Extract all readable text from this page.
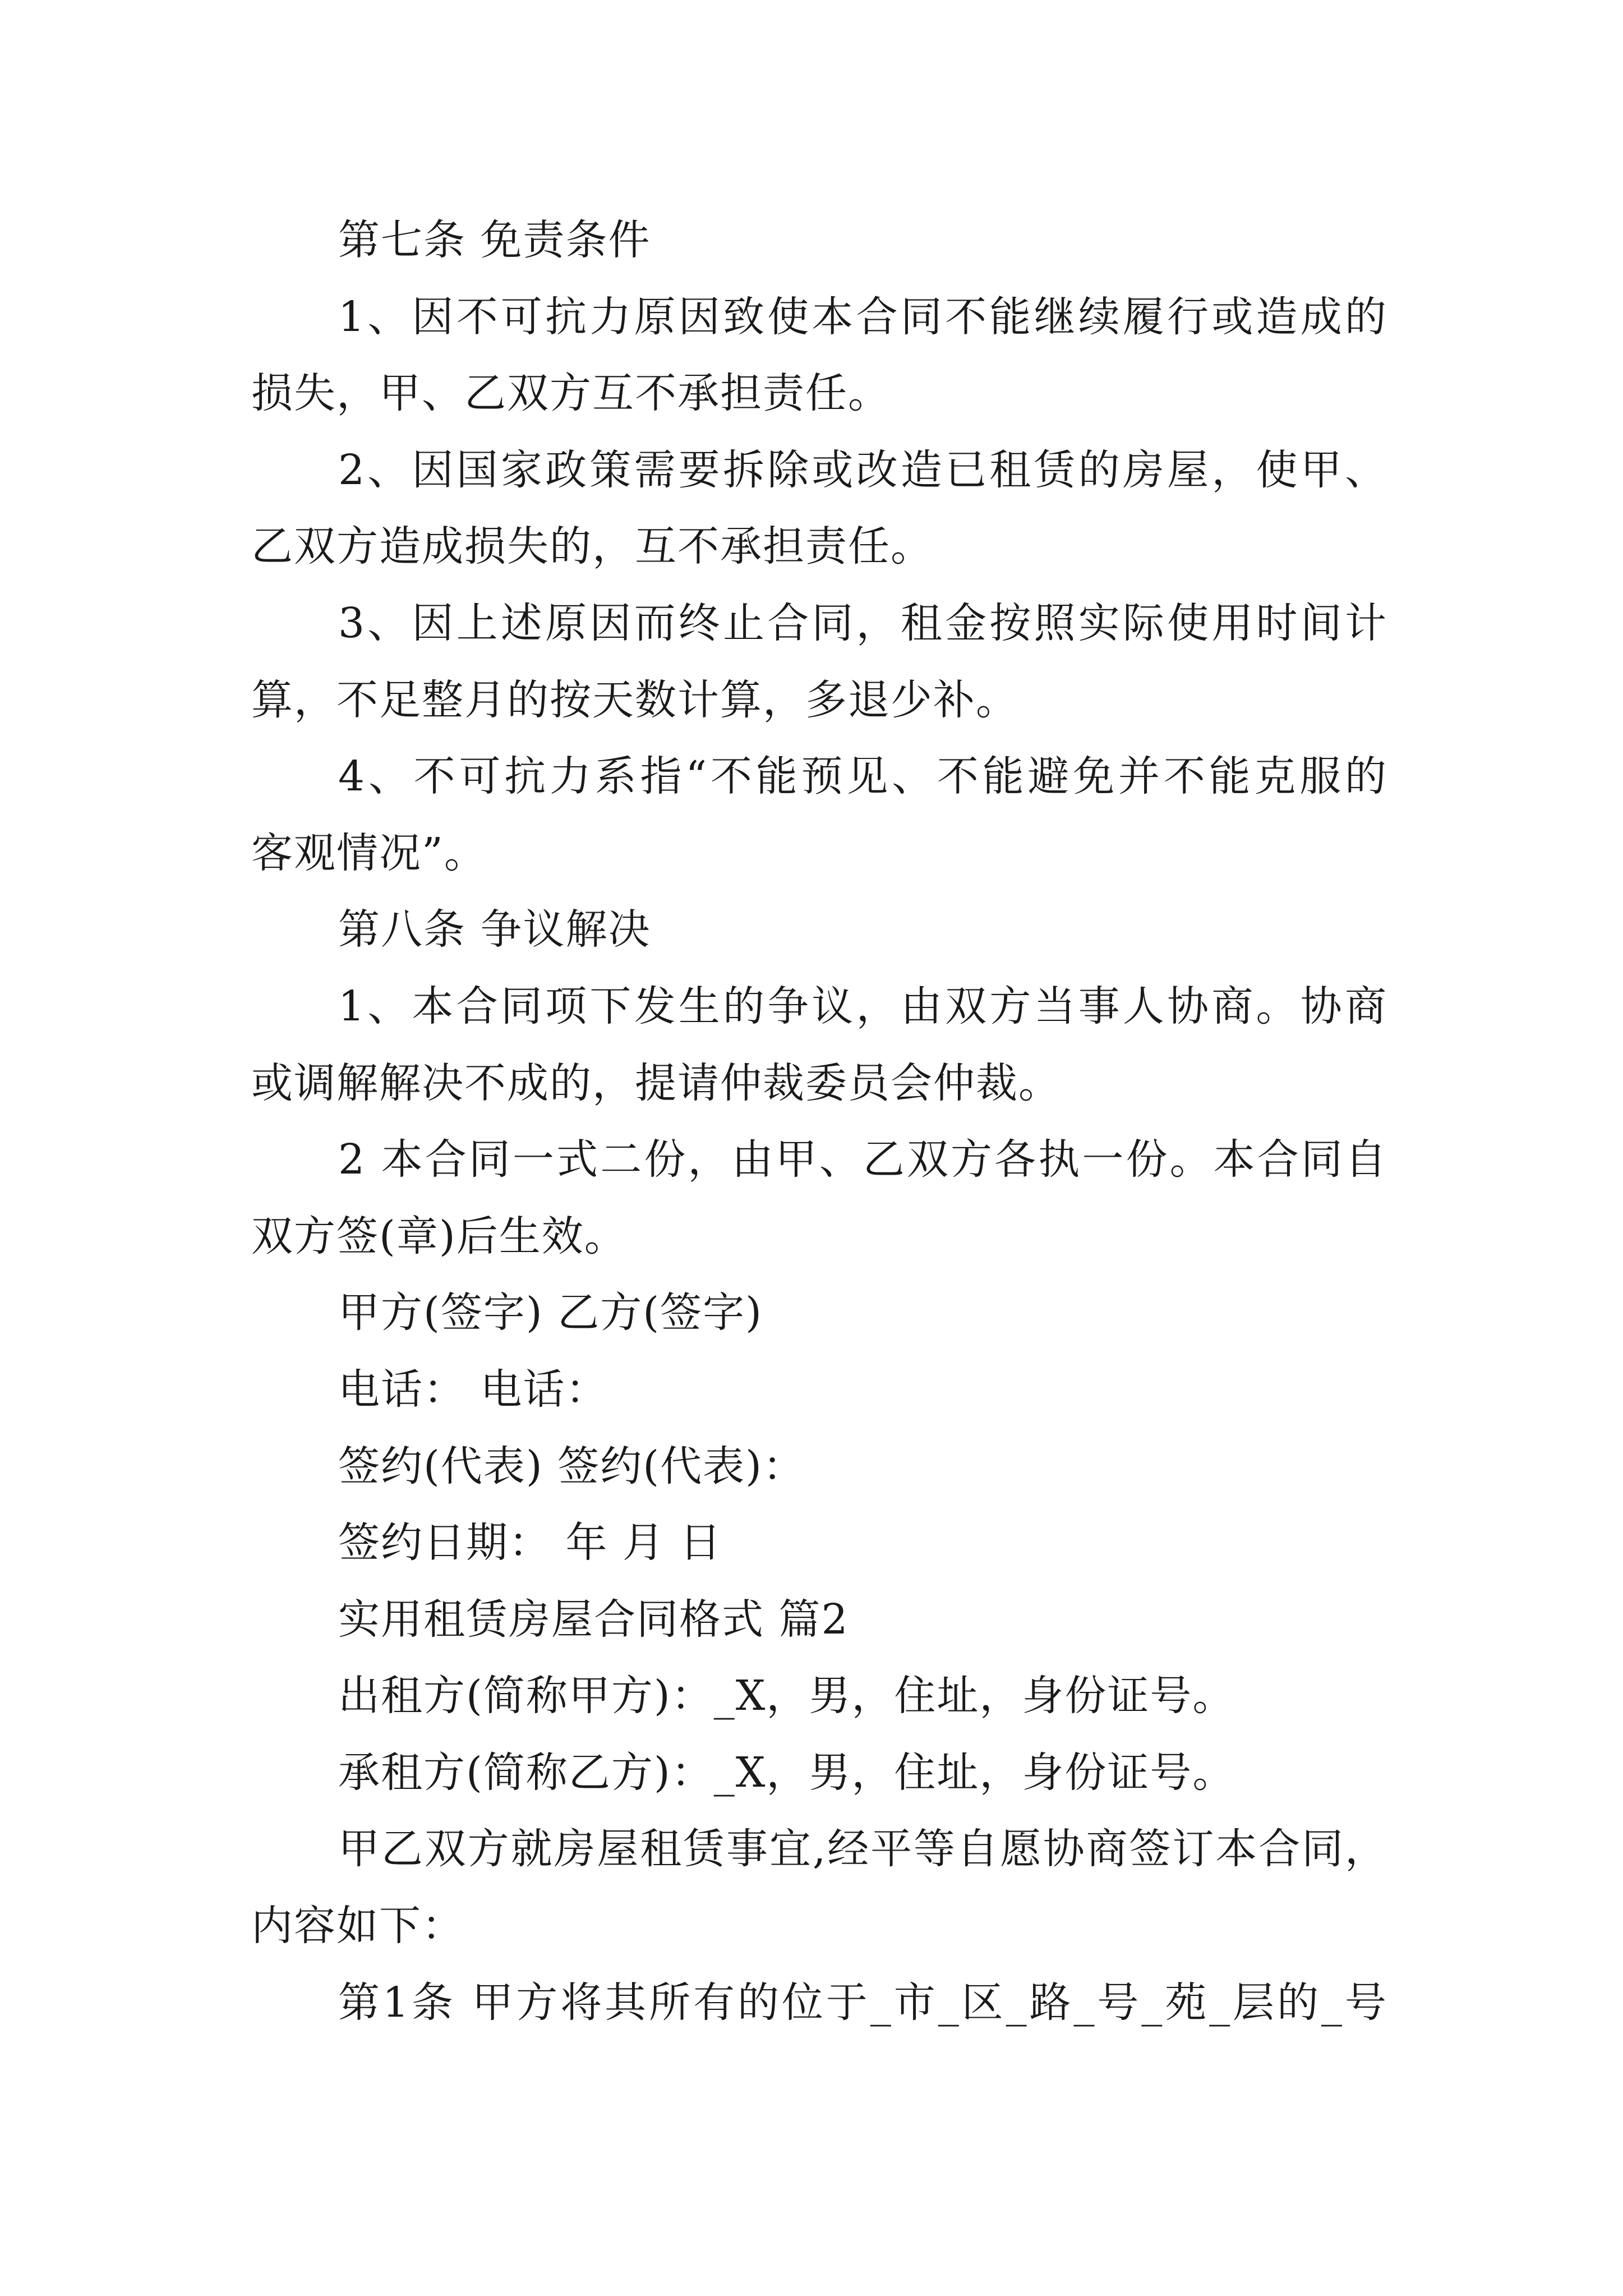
第七条 免责条件
1、因不可抗力原因致使本合同不能继续履行或造成的
损失，甲、乙双方互不承担责任。
2、因国家政策需要拆除或改造已租赁的房屋，使甲、
乙双方造成损失的，互不承担责任。
3、因上述原因而终止合同，租金按照实际使用时间计
算，不足整月的按天数计算，多退少补。
4、不可抗力系指“不能预见、不能避免并不能克服的
客观情况”。
第八条 争议解决
1、本合同项下发生的争议，由双方当事人协商。协商
或调解解决不成的，提请仲裁委员会仲裁。
2 本合同一式二份，由甲、乙双方各执一份。本合同自
双方签(章)后生效。
甲方(签字) 乙方(签字)
电话： 电话：
签约(代表) 签约(代表)：
签约日期： 年 月 日
实用租赁房屋合同格式 篇2
出租方(简称甲方)：_X，男，住址，身份证号。
承租方(简称乙方)：_X，男，住址，身份证号。
甲乙双方就房屋租赁事宜,经平等自愿协商签订本合同，
内容如下：
第1条 甲方将其所有的位于_市_区_路_号_苑_层的_号
